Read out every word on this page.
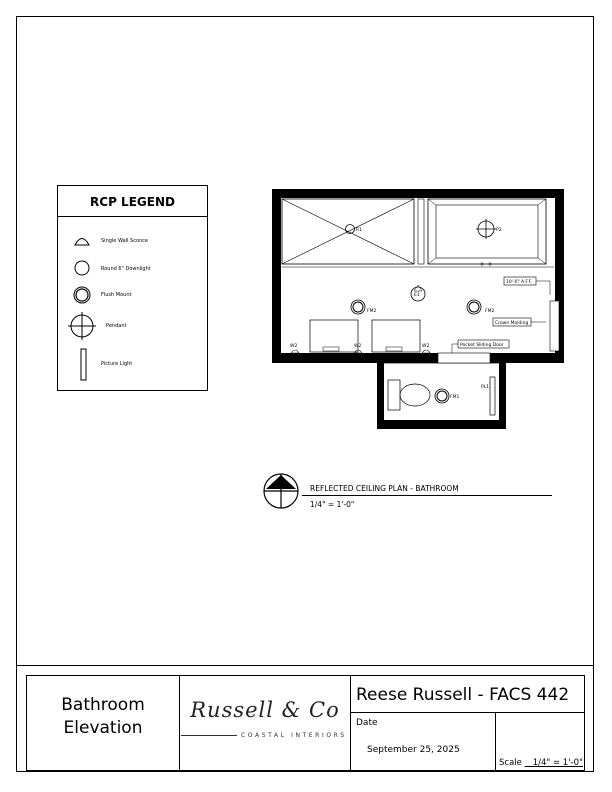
RCP LEGEND
Single Wall Sconce
Round 6" Downlight
Flush Mount
Pendant
Picture Light
R1	P2
10'-0" A.F.F.
E1
FM2	FM2
Crown Molding
W2	W2	W2	Pocket Sliding Door
FM1
PL1
REFLECTED CEILING PLAN - BATHROOM
1/4" = 1'-0"
Bathroom
Elevation
Russell & Co
COASTAL INTERIORS
Reese Russell - FACS 442
Date
September 25, 2025
Scale 1/4" = 1'-0"
